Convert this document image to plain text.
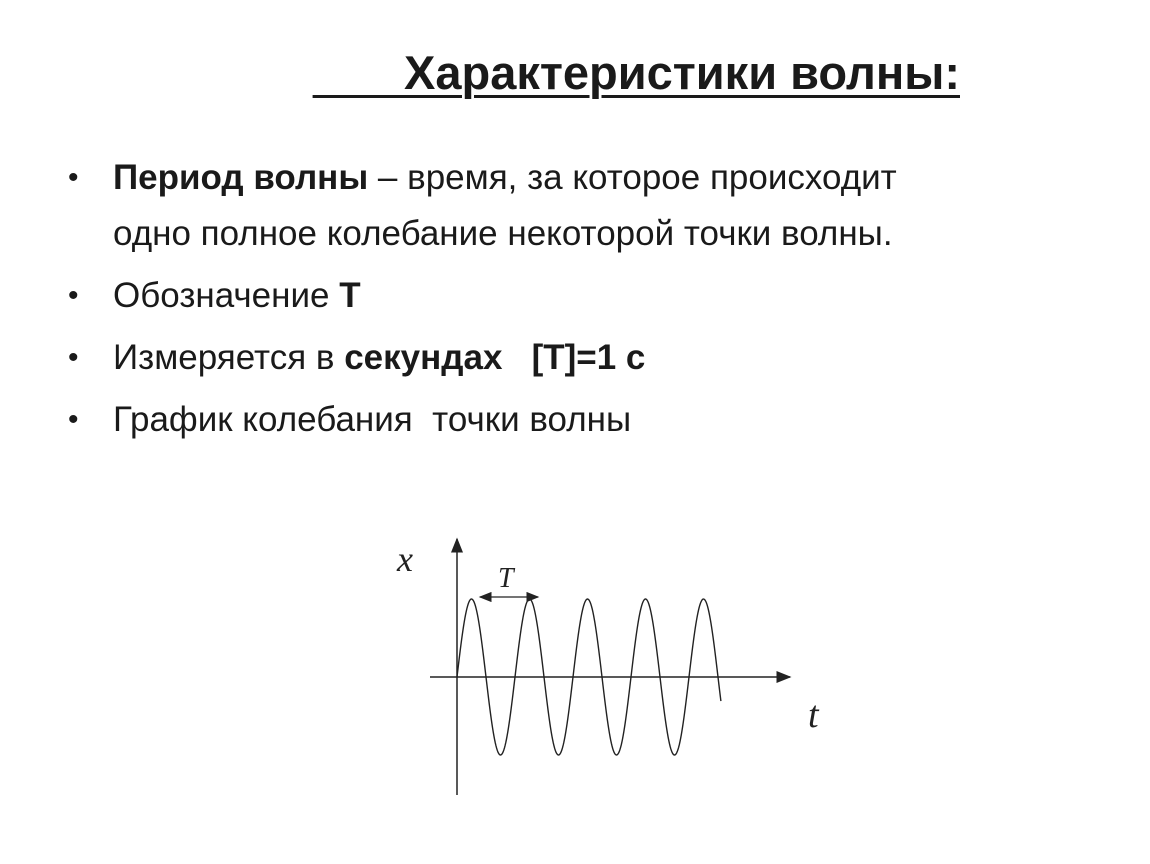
Характеристики волны:
• Период волны – время, за которое происходит
одно полное колебание некоторой точки волны.
• Обозначение T
• Измеряется в секундах   [T]=1 с
• График колебания  точки волны
T
x
t
